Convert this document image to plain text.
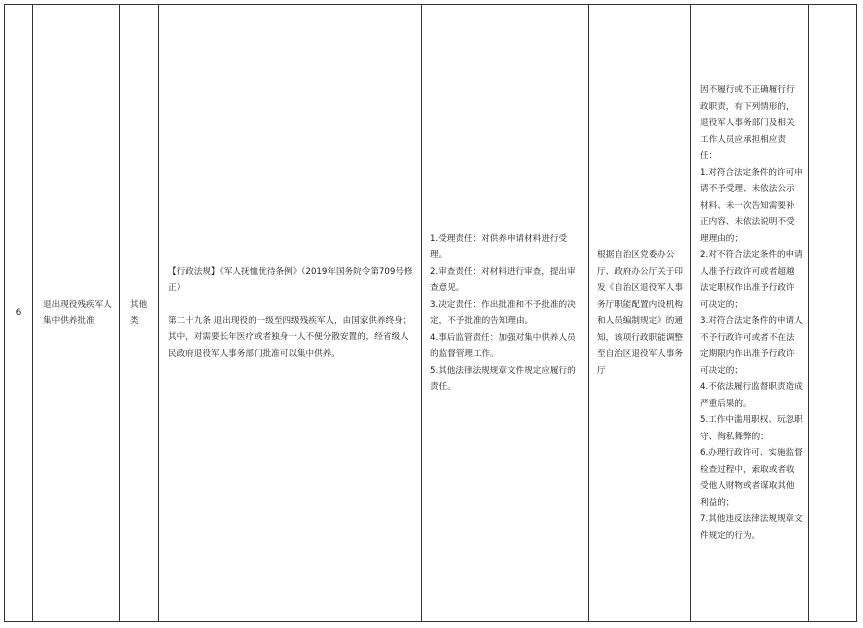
6

退出现役残疾军人集中供养批准

其他类

【行政法规】《军人抚恤优待条例》（2019年国务院令第709号修正）

第二十九条 退出现役的一级至四级残疾军人，由国家供养终身；其中，对需要长年医疗或者独身一人不便分散安置的，经省级人民政府退役军人事务部门批准可以集中供养。

1.受理责任：对供养申请材料进行受理。

2.审查责任：对材料进行审查，提出审查意见。

3.决定责任：作出批准和不予批准的决定，不予批准的告知理由。

4.事后监管责任：加强对集中供养人员的监督管理工作。

5.其他法律法规规章文件规定应履行的责任。

根据自治区党委办公厅、政府办公厅关于印发《自治区退役军人事务厅职能配置内设机构和人员编制规定》的通知，该项行政职能调整至自治区退役军人事务厅

因不履行或不正确履行行政职责，有下列情形的，退役军人事务部门及相关工作人员应承担相应责任：

1.对符合法定条件的许可申请不予受理、未依法公示材料、未一次告知需要补正内容、未依法说明不受理理由的；

2.对不符合法定条件的申请人准予行政许可或者超越法定职权作出准予行政许可决定的；

3.对符合法定条件的申请人不予行政许可或者不在法定期限内作出准予行政许可决定的；

4.不依法履行监督职责造成严重后果的。

5.工作中滥用职权、玩忽职守、徇私舞弊的；

6.办理行政许可、实施监督检查过程中，索取或者收受他人财物或者谋取其他利益的；

7.其他违反法律法规规章文件规定的行为。
